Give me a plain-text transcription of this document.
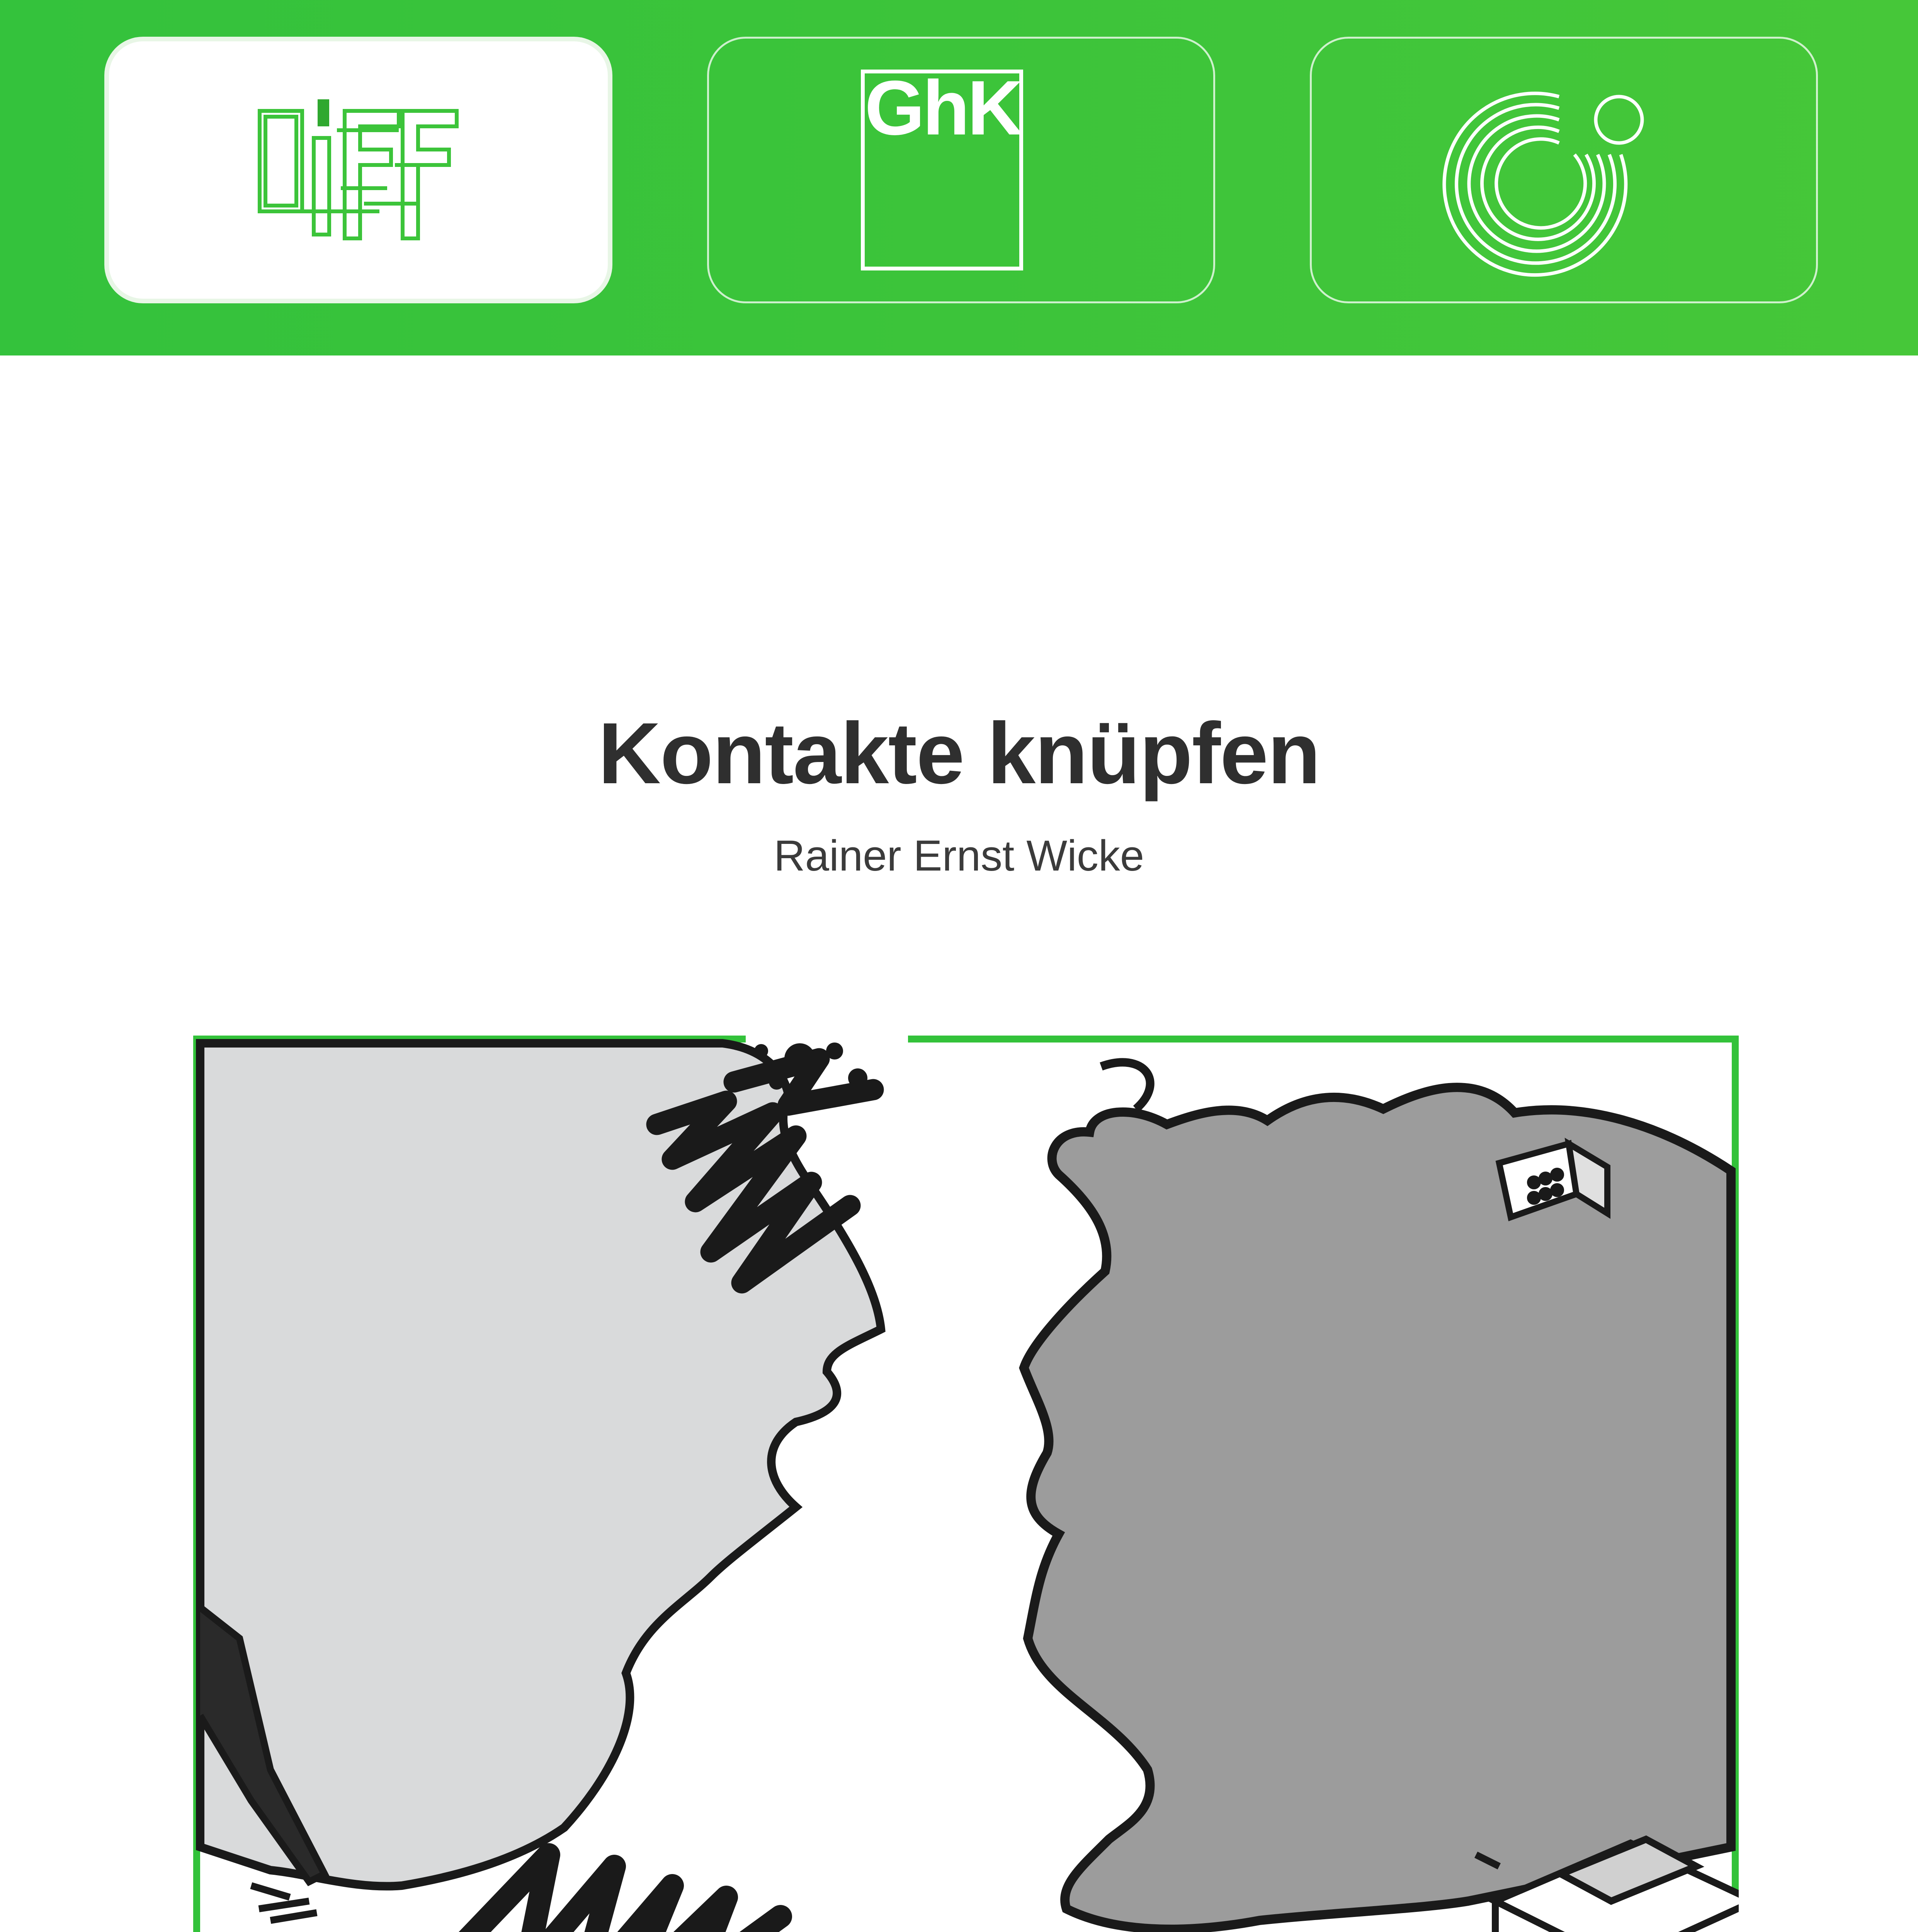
GhK
Kontakte knüpfen
Rainer Ernst Wicke
